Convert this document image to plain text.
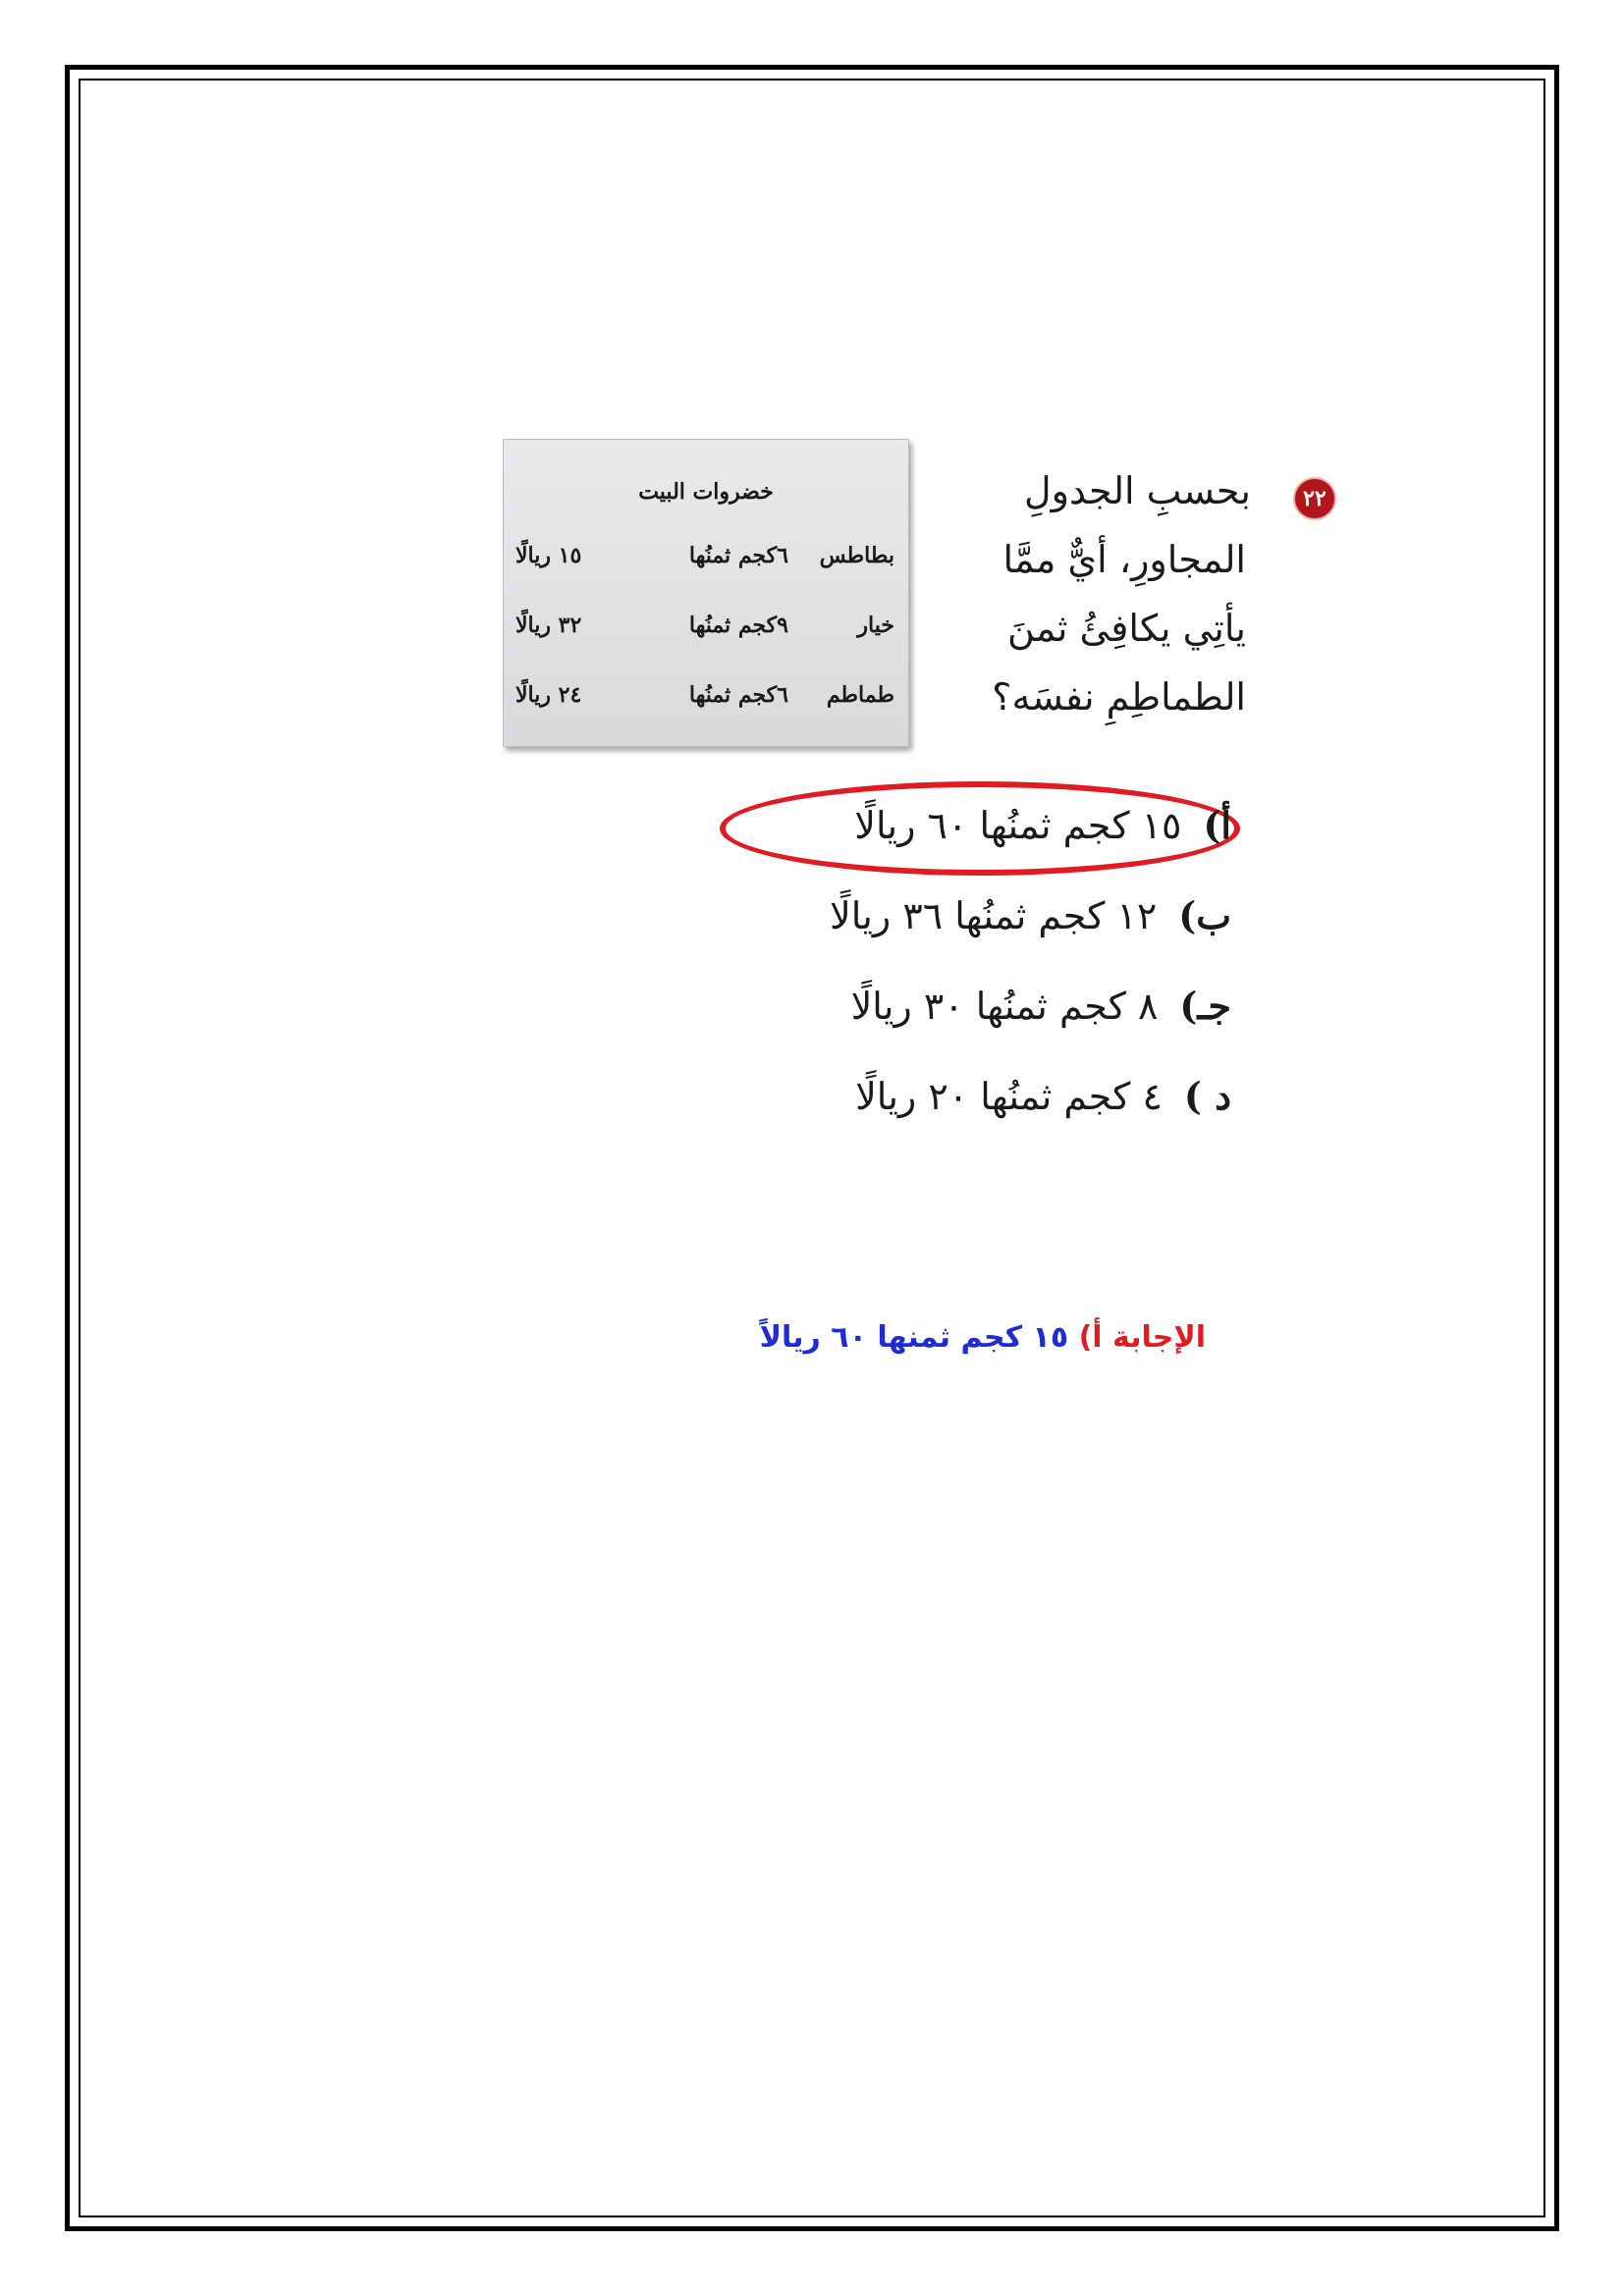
٢٢
بحسبِ الجدولِ
المجاورِ، أيٌّ ممَّا
يأتِي يكافِئُ ثمنَ
الطماطِمِ نفسَه؟
خضروات البيت
بطاطس
٦كجم ثمنُها
١٥ ريالًا
خيار
٩كجم ثمنُها
٣٢ ريالًا
طماطم
٦كجم ثمنُها
٢٤ ريالًا
أ)١٥ كجم ثمنُها ٦٠ ريالًا
ب)١٢ كجم ثمنُها ٣٦ ريالًا
جـ)٨ كجم ثمنُها ٣٠ ريالًا
د )٤ كجم ثمنُها ٢٠ ريالًا
الإجابة أ) ١٥ كجم ثمنها ٦٠ ريالاً
